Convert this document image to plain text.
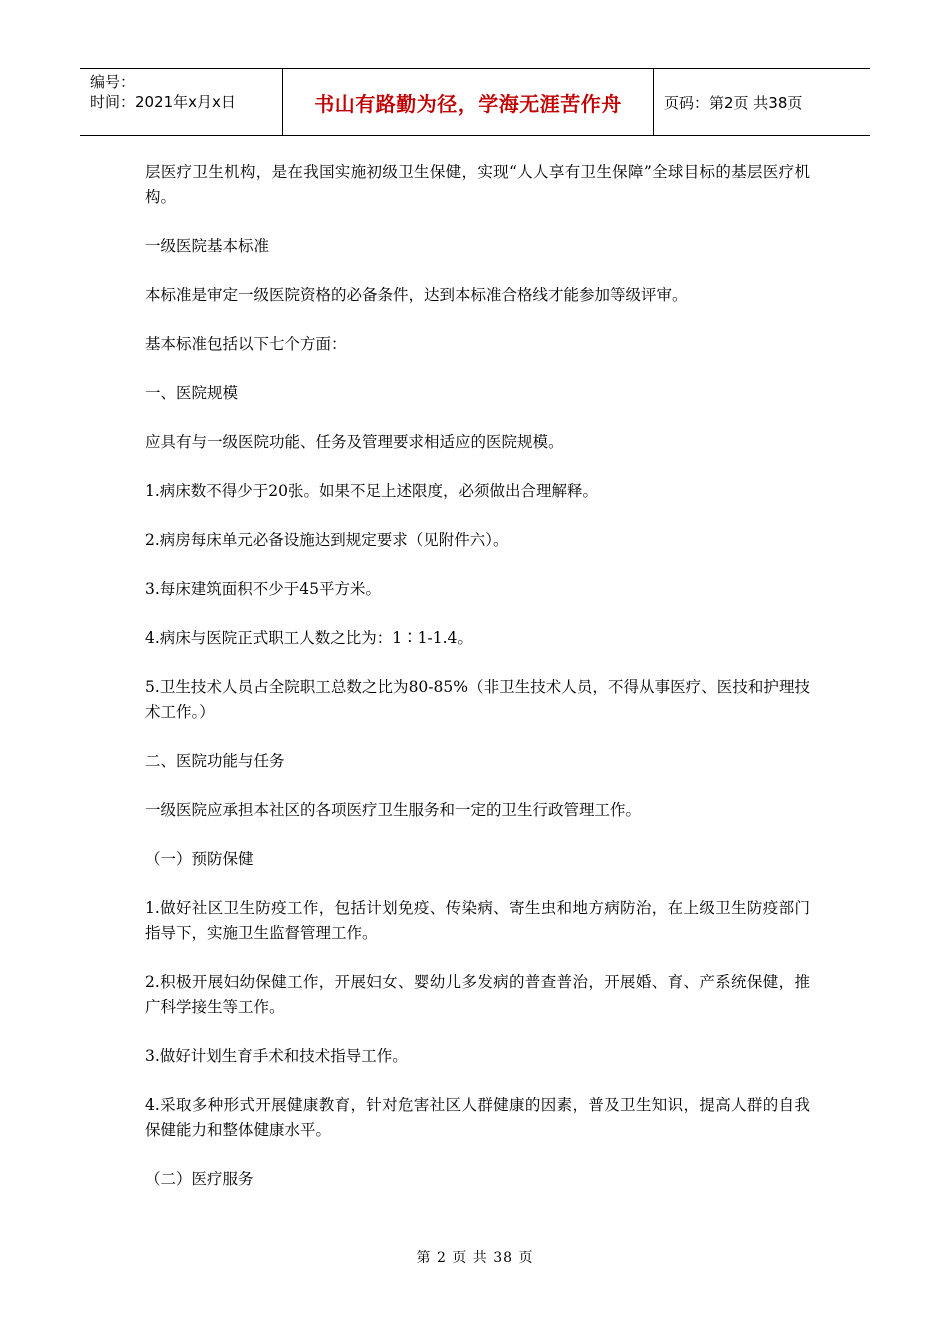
编号：
时间：2021年x月x日	书山有路勤为径，学海无涯苦作舟	页码：第2页 共38页

层医疗卫生机构，是在我国实施初级卫生保健，实现“人人享有卫生保障”全球目标的基层医疗机构。

一级医院基本标准

本标准是审定一级医院资格的必备条件，达到本标准合格线才能参加等级评审。

基本标准包括以下七个方面：

一、医院规模

应具有与一级医院功能、任务及管理要求相适应的医院规模。

1.病床数不得少于20张。如果不足上述限度，必须做出合理解释。

2.病房每床单元必备设施达到规定要求（见附件六）。

3.每床建筑面积不少于45平方米。

4.病床与医院正式职工人数之比为：1∶1-1.4。

5.卫生技术人员占全院职工总数之比为80-85%（非卫生技术人员，不得从事医疗、医技和护理技术工作。）

二、医院功能与任务

一级医院应承担本社区的各项医疗卫生服务和一定的卫生行政管理工作。

（一）预防保健

1.做好社区卫生防疫工作，包括计划免疫、传染病、寄生虫和地方病防治，在上级卫生防疫部门指导下，实施卫生监督管理工作。

2.积极开展妇幼保健工作，开展妇女、婴幼儿多发病的普查普治，开展婚、育、产系统保健，推广科学接生等工作。

3.做好计划生育手术和技术指导工作。

4.采取多种形式开展健康教育，针对危害社区人群健康的因素，普及卫生知识，提高人群的自我保健能力和整体健康水平。

（二）医疗服务

第 2 页 共 38 页
